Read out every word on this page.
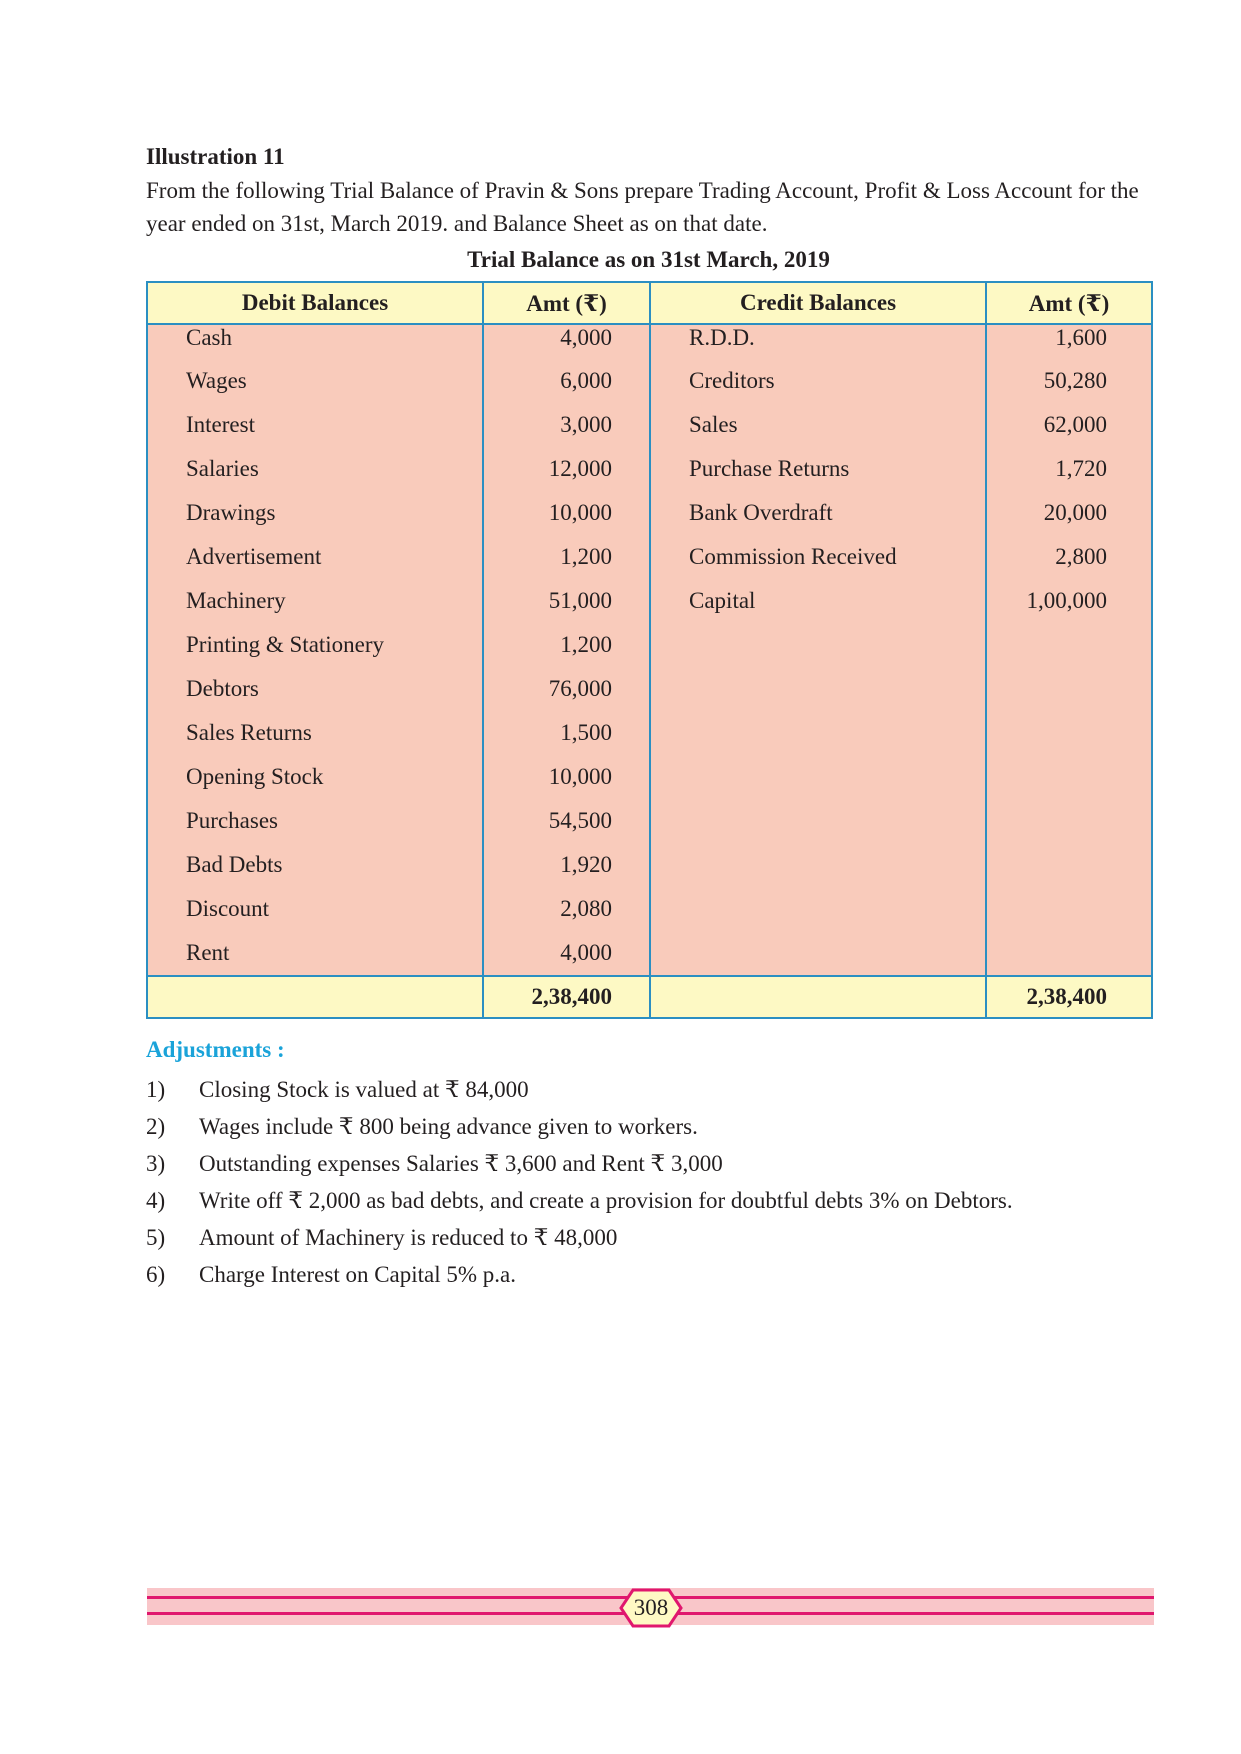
Illustration 11

From the following Trial Balance of Pravin & Sons prepare Trading Account, Profit & Loss Account for the year ended on 31st, March 2019. and Balance Sheet as on that date.

Trial Balance as on 31st March, 2019

Debit Balances	Amt (₹)	Credit Balances	Amt (₹)
Cash	4,000	R.D.D.	1,600
Wages	6,000	Creditors	50,280
Interest	3,000	Sales	62,000
Salaries	12,000	Purchase Returns	1,720
Drawings	10,000	Bank Overdraft	20,000
Advertisement	1,200	Commission Received	2,800
Machinery	51,000	Capital	1,00,000
Printing & Stationery	1,200		
Debtors	76,000		
Sales Returns	1,500		
Opening Stock	10,000		
Purchases	54,500		
Bad Debts	1,920		
Discount	2,080		
Rent	4,000		
	2,38,400		2,38,400

Adjustments :

1)	Closing Stock is valued at ₹ 84,000
2)	Wages include ₹ 800 being advance given to workers.
3)	Outstanding expenses Salaries ₹ 3,600 and Rent ₹ 3,000
4)	Write off ₹ 2,000 as bad debts, and create a provision for doubtful debts 3% on Debtors.
5)	Amount of Machinery is reduced to ₹ 48,000
6)	Charge Interest on Capital 5% p.a.
308
